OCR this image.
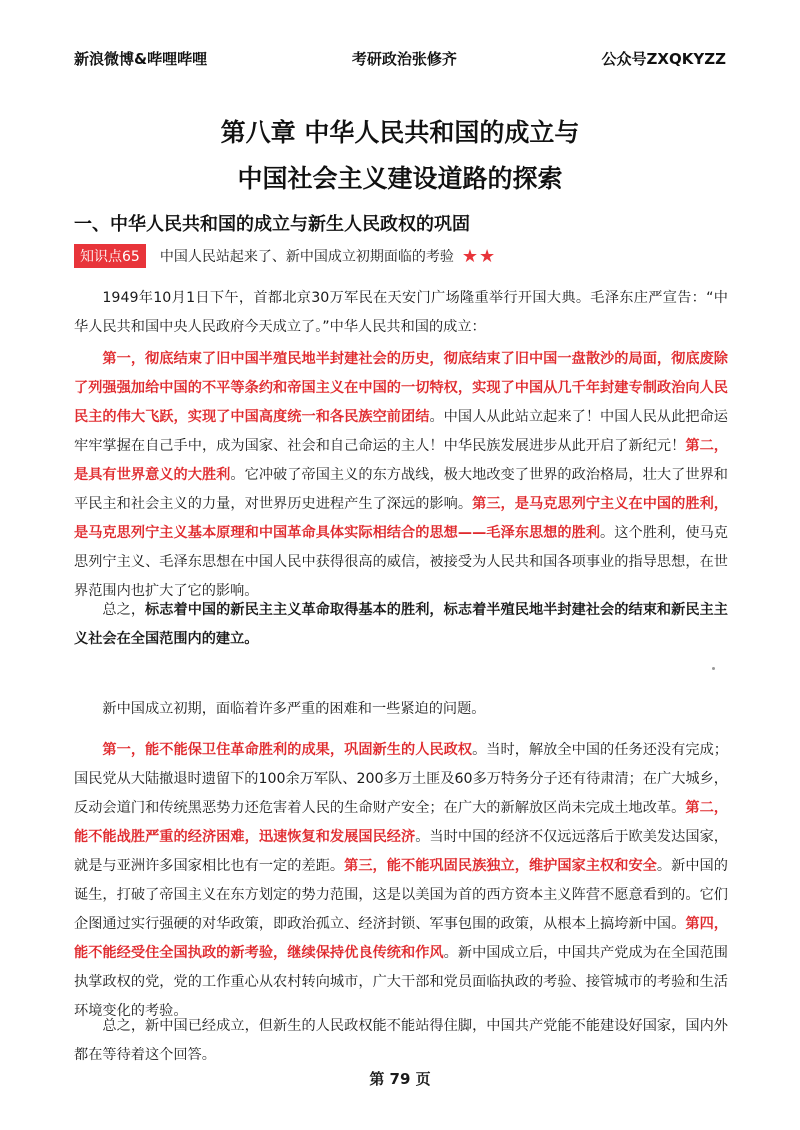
新浪微博&哔哩哔哩	考研政治张修齐	公众号ZXQKYZZ
第八章 中华人民共和国的成立与
中国社会主义建设道路的探索
一、中华人民共和国的成立与新生人民政权的巩固
知识点65	中国人民站起来了、新中国成立初期面临的考验 ★★

1949年10月1日下午，首都北京30万军民在天安门广场隆重举行开国大典。毛泽东庄严宣告：“中华人民共和国中央人民政府今天成立了。”中华人民共和国的成立：

第一，彻底结束了旧中国半殖民地半封建社会的历史，彻底结束了旧中国一盘散沙的局面，彻底废除了列强强加给中国的不平等条约和帝国主义在中国的一切特权，实现了中国从几千年封建专制政治向人民民主的伟大飞跃，实现了中国高度统一和各民族空前团结。中国人从此站立起来了！中国人民从此把命运牢牢掌握在自己手中，成为国家、社会和自己命运的主人！中华民族发展进步从此开启了新纪元！第二，是具有世界意义的大胜利。它冲破了帝国主义的东方战线，极大地改变了世界的政治格局，壮大了世界和平民主和社会主义的力量，对世界历史进程产生了深远的影响。第三，是马克思列宁主义在中国的胜利，是马克思列宁主义基本原理和中国革命具体实际相结合的思想——毛泽东思想的胜利。这个胜利，使马克思列宁主义、毛泽东思想在中国人民中获得很高的威信，被接受为人民共和国各项事业的指导思想，在世界范围内也扩大了它的影响。

总之，标志着中国的新民主主义革命取得基本的胜利，标志着半殖民地半封建社会的结束和新民主主义社会在全国范围内的建立。

新中国成立初期，面临着许多严重的困难和一些紧迫的问题。

第一，能不能保卫住革命胜利的成果，巩固新生的人民政权。当时，解放全中国的任务还没有完成；国民党从大陆撤退时遗留下的100余万军队、200多万土匪及60多万特务分子还有待肃清；在广大城乡，反动会道门和传统黑恶势力还危害着人民的生命财产安全；在广大的新解放区尚未完成土地改革。第二，能不能战胜严重的经济困难，迅速恢复和发展国民经济。当时中国的经济不仅远远落后于欧美发达国家，就是与亚洲许多国家相比也有一定的差距。第三，能不能巩固民族独立，维护国家主权和安全。新中国的诞生，打破了帝国主义在东方划定的势力范围，这是以美国为首的西方资本主义阵营不愿意看到的。它们企图通过实行强硬的对华政策，即政治孤立、经济封锁、军事包围的政策，从根本上搞垮新中国。第四，能不能经受住全国执政的新考验，继续保持优良传统和作风。新中国成立后，中国共产党成为在全国范围执掌政权的党，党的工作重心从农村转向城市，广大干部和党员面临执政的考验、接管城市的考验和生活环境变化的考验。

总之，新中国已经成立，但新生的人民政权能不能站得住脚，中国共产党能不能建设好国家，国内外都在等待着这个回答。

第 79 页
